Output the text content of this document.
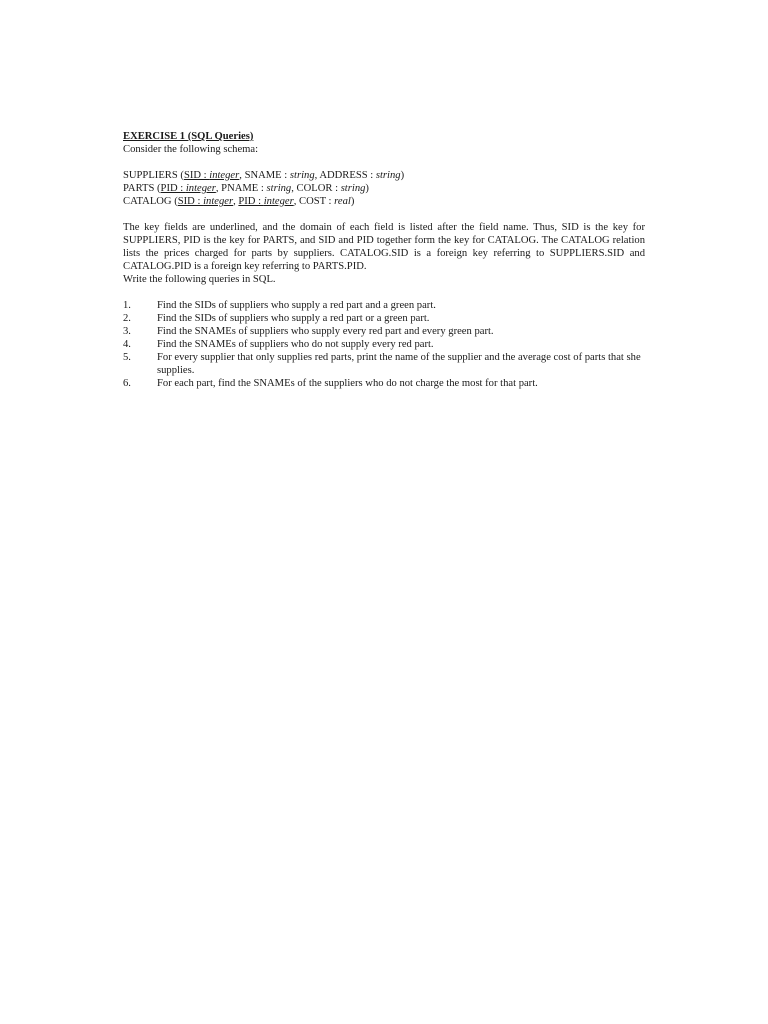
EXERCISE 1 (SQL Queries)
Consider the following schema:
SUPPLIERS (SID : integer, SNAME : string, ADDRESS : string)
PARTS (PID : integer, PNAME : string, COLOR : string)
CATALOG (SID : integer, PID : integer, COST : real)
The key fields are underlined, and the domain of each field is listed after the field name. Thus, SID is the key for SUPPLIERS, PID is the key for PARTS, and SID and PID together form the key for CATALOG. The CATALOG relation lists the prices charged for parts by suppliers. CATALOG.SID is a foreign key referring to SUPPLIERS.SID and CATALOG.PID is a foreign key referring to PARTS.PID.
Write the following queries in SQL.
1.	Find the SIDs of suppliers who supply a red part and a green part.
2.	Find the SIDs of suppliers who supply a red part or a green part.
3.	Find the SNAMEs of suppliers who supply every red part and every green part.
4.	Find the SNAMEs of suppliers who do not supply every red part.
5.	For every supplier that only supplies red parts, print the name of the supplier and the average cost of parts that she supplies.
6.	For each part, find the SNAMEs of the suppliers who do not charge the most for that part.
